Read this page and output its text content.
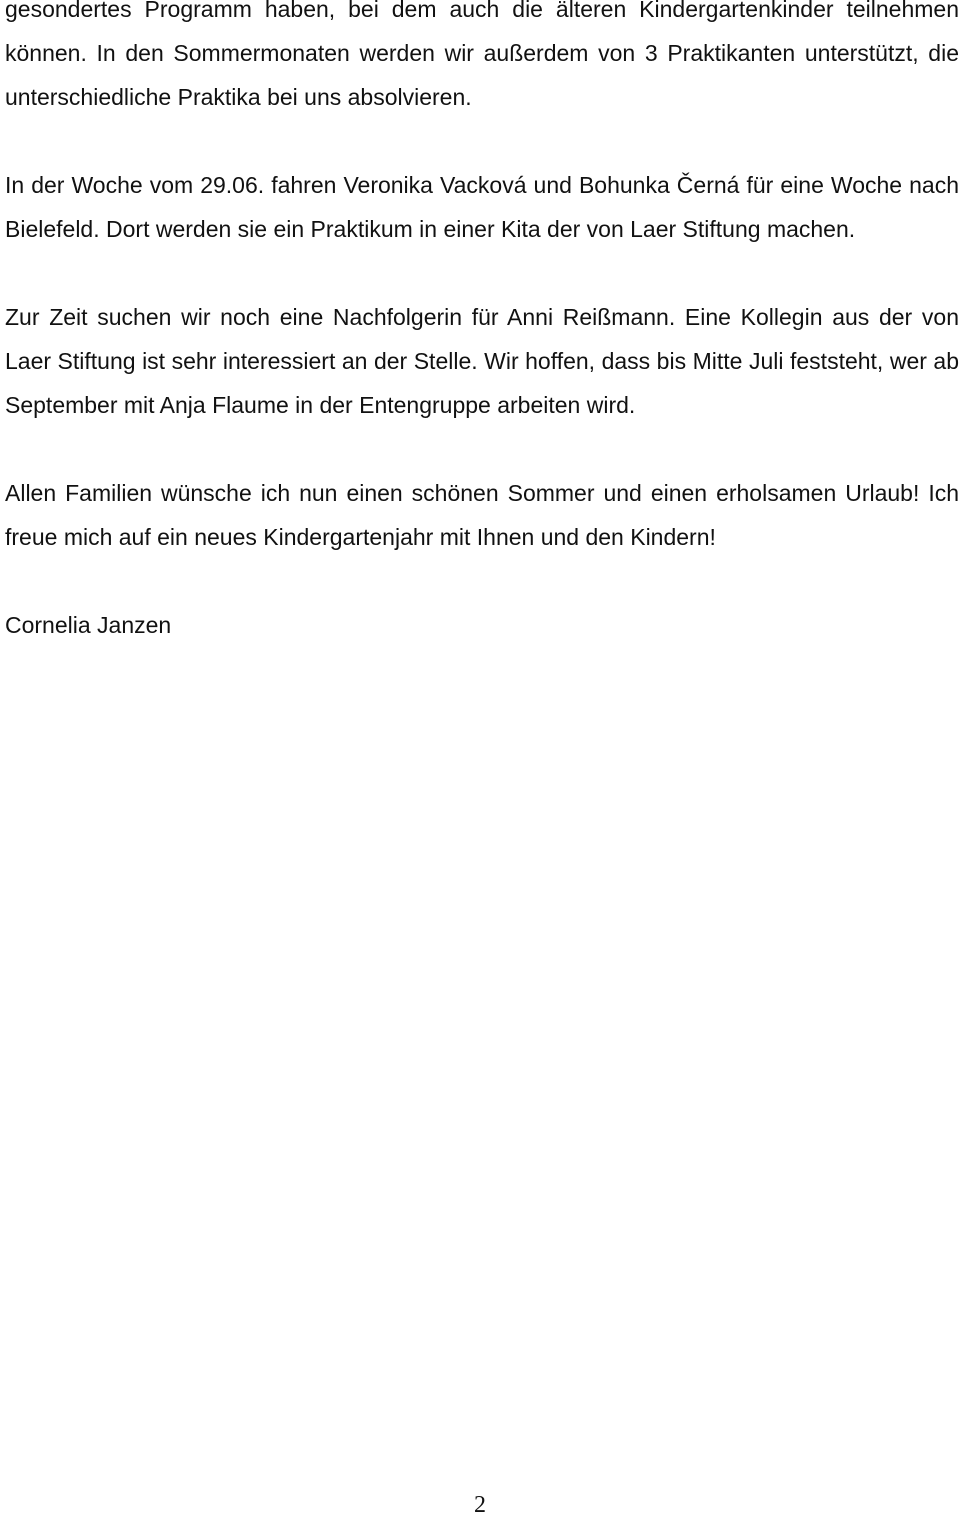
gesondertes Programm haben, bei dem auch die älteren Kindergartenkinder teilnehmen können. In den Sommermonaten werden wir außerdem von 3 Praktikanten unterstützt, die unterschiedliche Praktika bei uns absolvieren.

In der Woche vom 29.06. fahren Veronika Vacková und Bohunka Černá für eine Woche nach Bielefeld. Dort werden sie ein Praktikum in einer Kita der von Laer Stiftung machen.

Zur Zeit suchen wir noch eine Nachfolgerin für Anni Reißmann. Eine Kollegin aus der von Laer Stiftung ist sehr interessiert an der Stelle. Wir hoffen, dass bis Mitte Juli feststeht, wer ab September mit Anja Flaume in der Entengruppe arbeiten wird.

Allen Familien wünsche ich nun einen schönen Sommer und einen erholsamen Urlaub! Ich freue mich auf ein neues Kindergartenjahr mit Ihnen und den Kindern!

Cornelia Janzen

2
